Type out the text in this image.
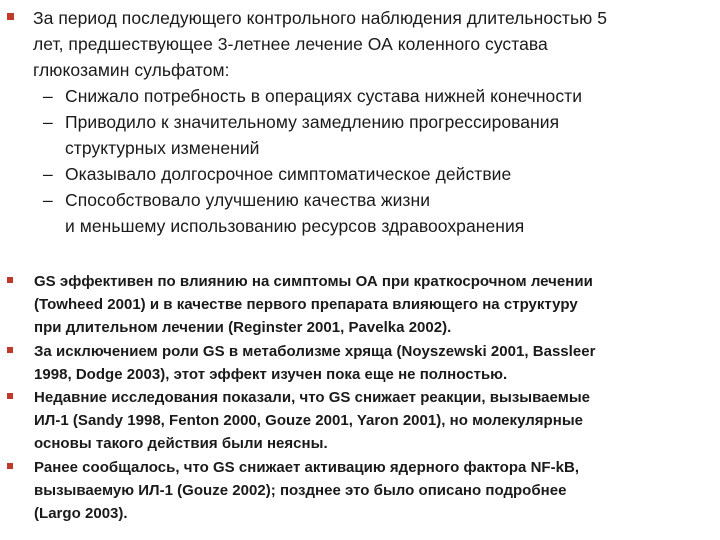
За период последующего контрольного наблюдения длительностью 5
лет, предшествующее 3-летнее лечение ОА коленного сустава
глюкозамин сульфатом:
– Снижало потребность в операциях сустава нижней конечности
– Приводило к значительному замедлению прогрессирования
структурных изменений
– Оказывало долгосрочное симптоматическое действие
– Способствовало улучшению качества жизни
и меньшему использованию ресурсов здравоохранения
GS эффективен по влиянию на симптомы ОА при краткосрочном лечении
(Towheed 2001) и в качестве первого препарата влияющего на структуру
при длительном лечении (Reginster 2001, Pavelka 2002).
За исключением роли GS в метаболизме хряща (Noyszewski 2001, Bassleer
1998, Dodge 2003), этот эффект изучен пока еще не полностью.
Недавние исследования показали, что GS снижает реакции, вызываемые
ИЛ-1 (Sandy 1998, Fenton 2000, Gouze 2001, Yaron 2001), но молекулярные
основы такого действия были неясны.
Ранее сообщалось, что GS снижает активацию ядерного фактора NF-kB,
вызываемую ИЛ-1 (Gouze 2002); позднее это было описано подробнее
(Largo 2003).
